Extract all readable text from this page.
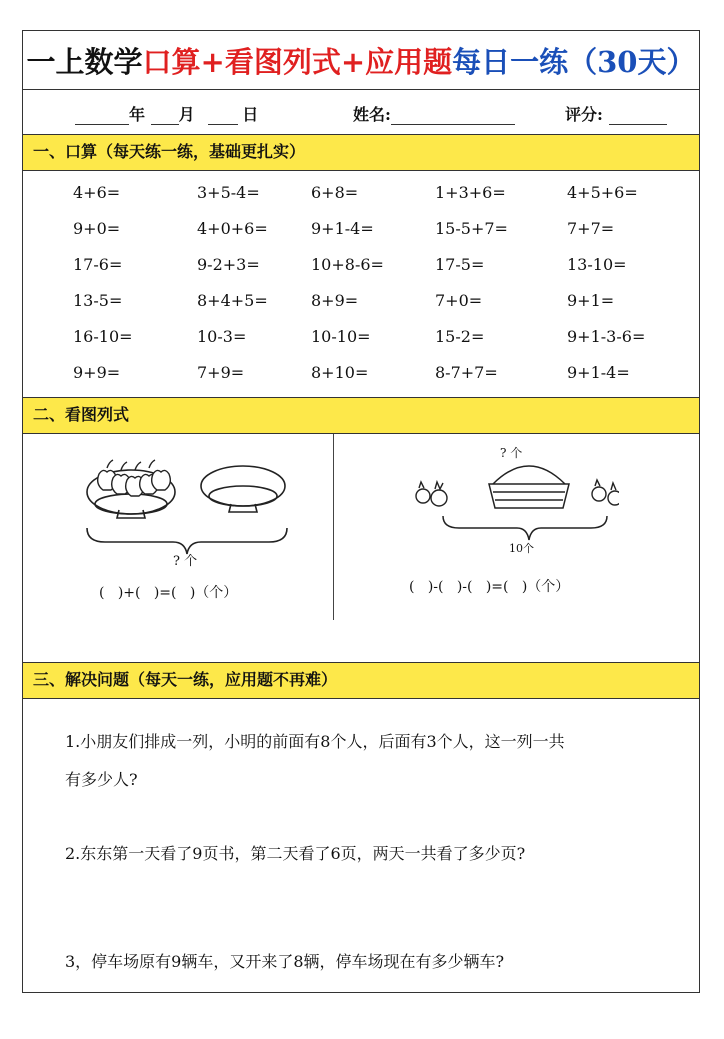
一上数学 口算+看图列式+应用题 每日一练（30天）
年 月	日	姓名:	评分:
一、口算（每天练一练，基础更扎实）
4+6=	3+5-4=	6+8=	1+3+6=	4+5+6=
9+0=	4+0+6=	9+1-4=	15-5+7=	7+7=
17-6=	9-2+3=	10+8-6=	17-5=	13-10=
13-5=	8+4+5=	8+9=	7+0=	9+1=
16-10=	10-3=	10-10=	15-2=	9+1-3-6=
9+9=	7+9=	8+10=	8-7+7=	9+1-4=
二、看图列式
? 个
(   )+(   )=(   )（个）
? 个
10个
(   )-(   )-(   )=(   )（个）
三、解决问题（每天一练，应用题不再难）
1.小朋友们排成一列，小明的前面有8个人，后面有3个人，这一列一共
有多少人?
2.东东第一天看了9页书，第二天看了6页，两天一共看了多少页?
3，停车场原有9辆车，又开来了8辆，停车场现在有多少辆车?
